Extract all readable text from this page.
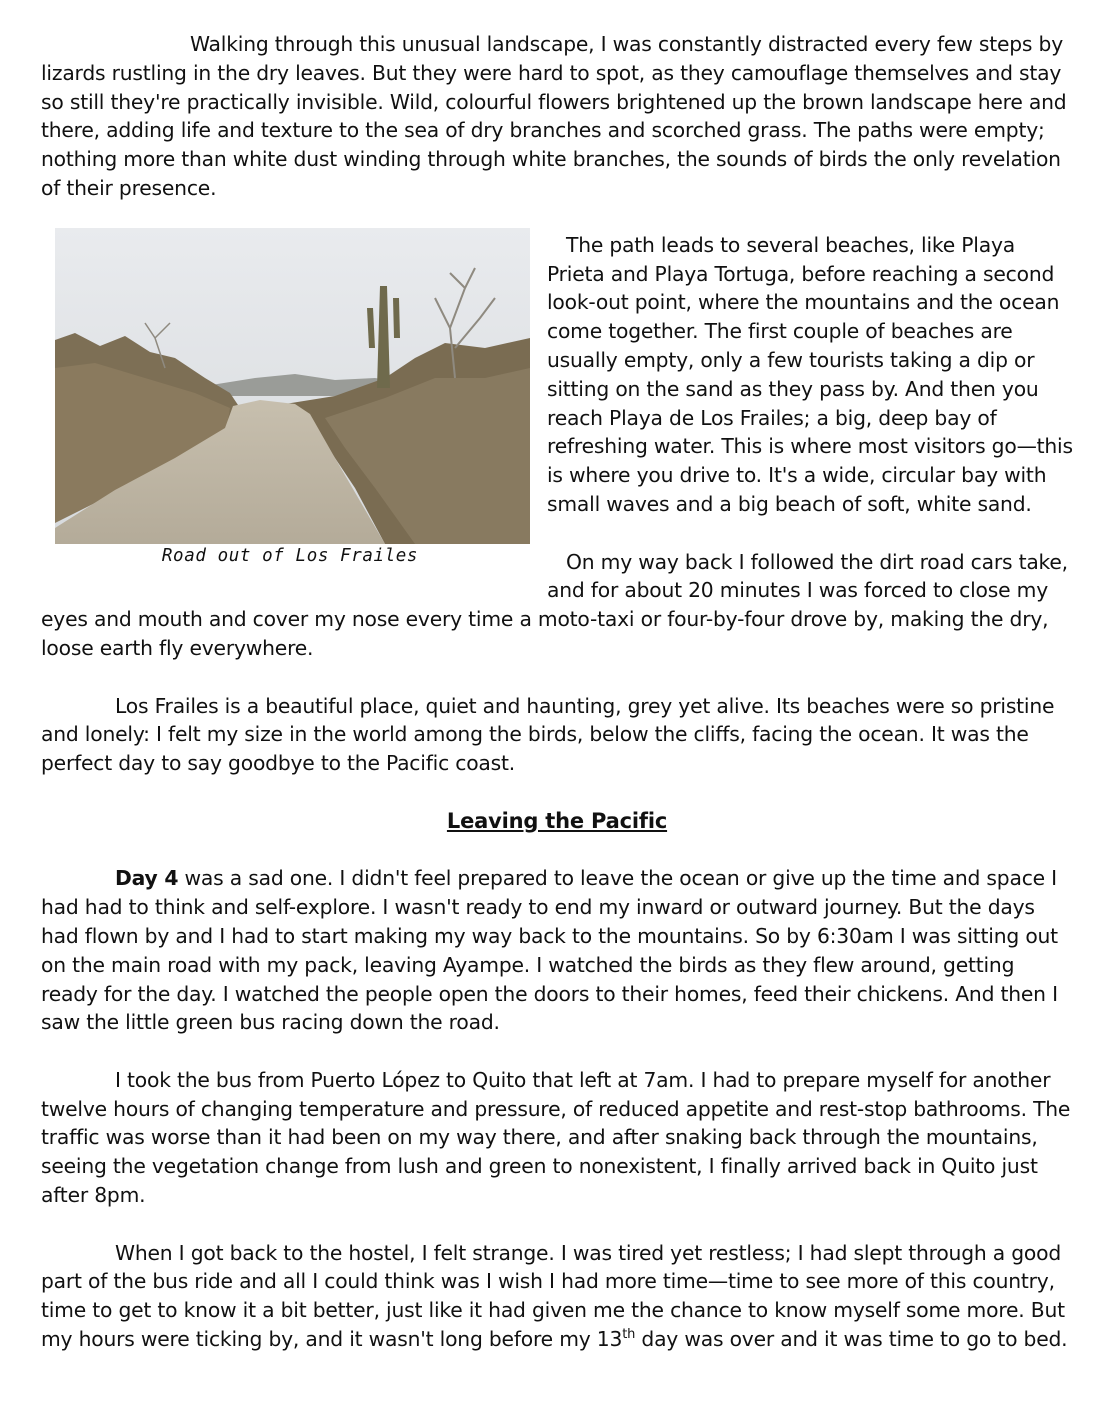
Walking through this unusual landscape, I was constantly distracted every few steps by lizards rustling in the dry leaves. But they were hard to spot, as they camouflage themselves and stay so still they're practically invisible. Wild, colourful flowers brightened up the brown landscape here and there, adding life and texture to the sea of dry branches and scorched grass. The paths were empty; nothing more than white dust winding through white branches, the sounds of birds the only revelation of their presence.

Road out of Los Frailes

The path leads to several beaches, like Playa Prieta and Playa Tortuga, before reaching a second look-out point, where the mountains and the ocean come together. The first couple of beaches are usually empty, only a few tourists taking a dip or sitting on the sand as they pass by. And then you reach Playa de Los Frailes; a big, deep bay of refreshing water. This is where most visitors go—this is where you drive to. It's a wide, circular bay with small waves and a big beach of soft, white sand.

On my way back I followed the dirt road cars take, and for about 20 minutes I was forced to close my eyes and mouth and cover my nose every time a moto-taxi or four-by-four drove by, making the dry, loose earth fly everywhere.

Los Frailes is a beautiful place, quiet and haunting, grey yet alive. Its beaches were so pristine and lonely: I felt my size in the world among the birds, below the cliffs, facing the ocean. It was the perfect day to say goodbye to the Pacific coast.

Leaving the Pacific

Day 4 was a sad one. I didn't feel prepared to leave the ocean or give up the time and space I had had to think and self-explore. I wasn't ready to end my inward or outward journey. But the days had flown by and I had to start making my way back to the mountains. So by 6:30am I was sitting out on the main road with my pack, leaving Ayampe. I watched the birds as they flew around, getting ready for the day. I watched the people open the doors to their homes, feed their chickens. And then I saw the little green bus racing down the road.

I took the bus from Puerto López to Quito that left at 7am. I had to prepare myself for another twelve hours of changing temperature and pressure, of reduced appetite and rest-stop bathrooms. The traffic was worse than it had been on my way there, and after snaking back through the mountains, seeing the vegetation change from lush and green to nonexistent, I finally arrived back in Quito just after 8pm.

When I got back to the hostel, I felt strange. I was tired yet restless; I had slept through a good part of the bus ride and all I could think was I wish I had more time—time to see more of this country, time to get to know it a bit better, just like it had given me the chance to know myself some more. But my hours were ticking by, and it wasn't long before my 13th day was over and it was time to go to bed.
